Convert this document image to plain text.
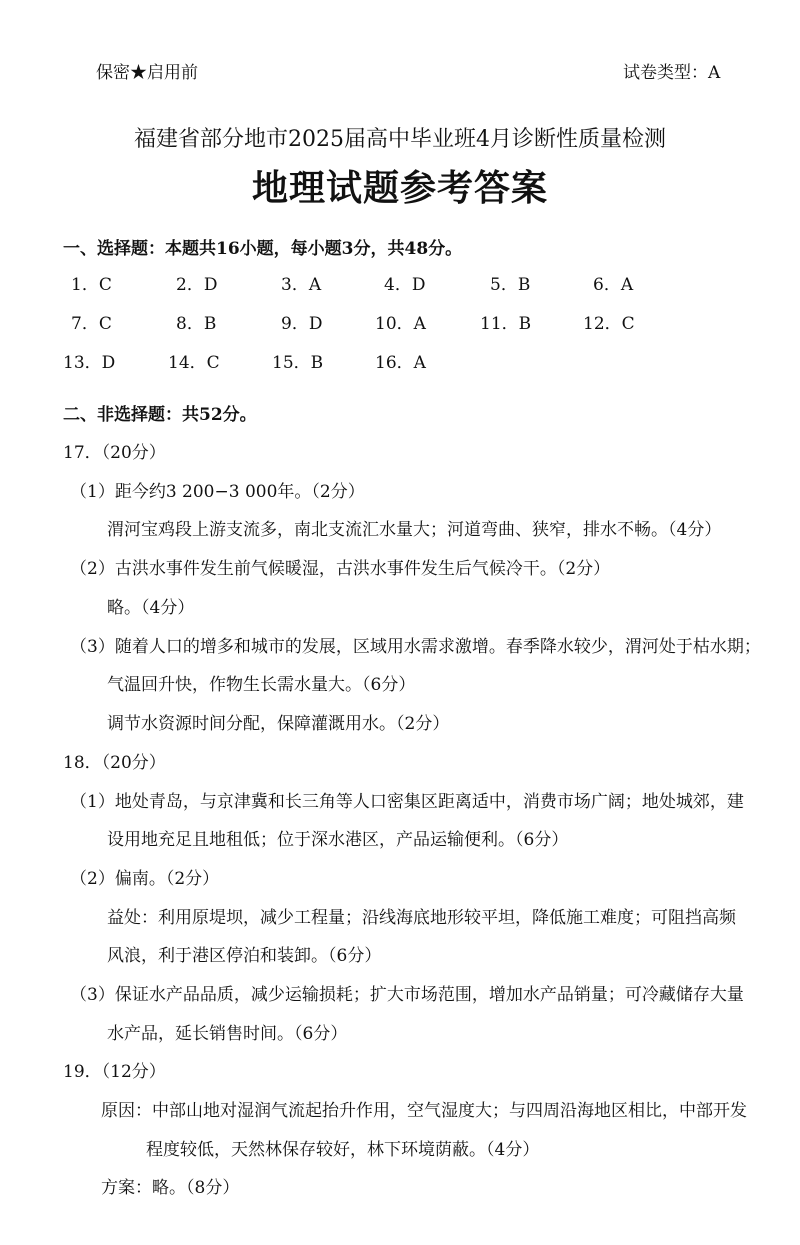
保密★启用前	试卷类型：A
福建省部分地市2025届高中毕业班4月诊断性质量检测
地理试题参考答案
一、选择题：本题共16小题，每小题3分，共48分。
1．C	2．D	3．A	4．D	5．B	6．A
7．C	8．B	9．D	10．A	11．B	12．C
13．D	14．C	15．B	16．A
二、非选择题：共52分。
17．（20分）
（1）距今约3 200−3 000年。（2分）
渭河宝鸡段上游支流多，南北支流汇水量大；河道弯曲、狭窄，排水不畅。（4分）
（2）古洪水事件发生前气候暖湿，古洪水事件发生后气候冷干。（2分）
略。（4分）
（3）随着人口的增多和城市的发展，区域用水需求激增。春季降水较少，渭河处于枯水期；
气温回升快，作物生长需水量大。（6分）
调节水资源时间分配，保障灌溉用水。（2分）
18．（20分）
（1）地处青岛，与京津冀和长三角等人口密集区距离适中，消费市场广阔；地处城郊，建
设用地充足且地租低；位于深水港区，产品运输便利。（6分）
（2）偏南。（2分）
益处：利用原堤坝，减少工程量；沿线海底地形较平坦，降低施工难度；可阻挡高频
风浪，利于港区停泊和装卸。（6分）
（3）保证水产品品质，减少运输损耗；扩大市场范围，增加水产品销量；可冷藏储存大量
水产品，延长销售时间。（6分）
19．（12分）
原因：中部山地对湿润气流起抬升作用，空气湿度大；与四周沿海地区相比，中部开发
程度较低，天然林保存较好，林下环境荫蔽。（4分）
方案：略。（8分）
